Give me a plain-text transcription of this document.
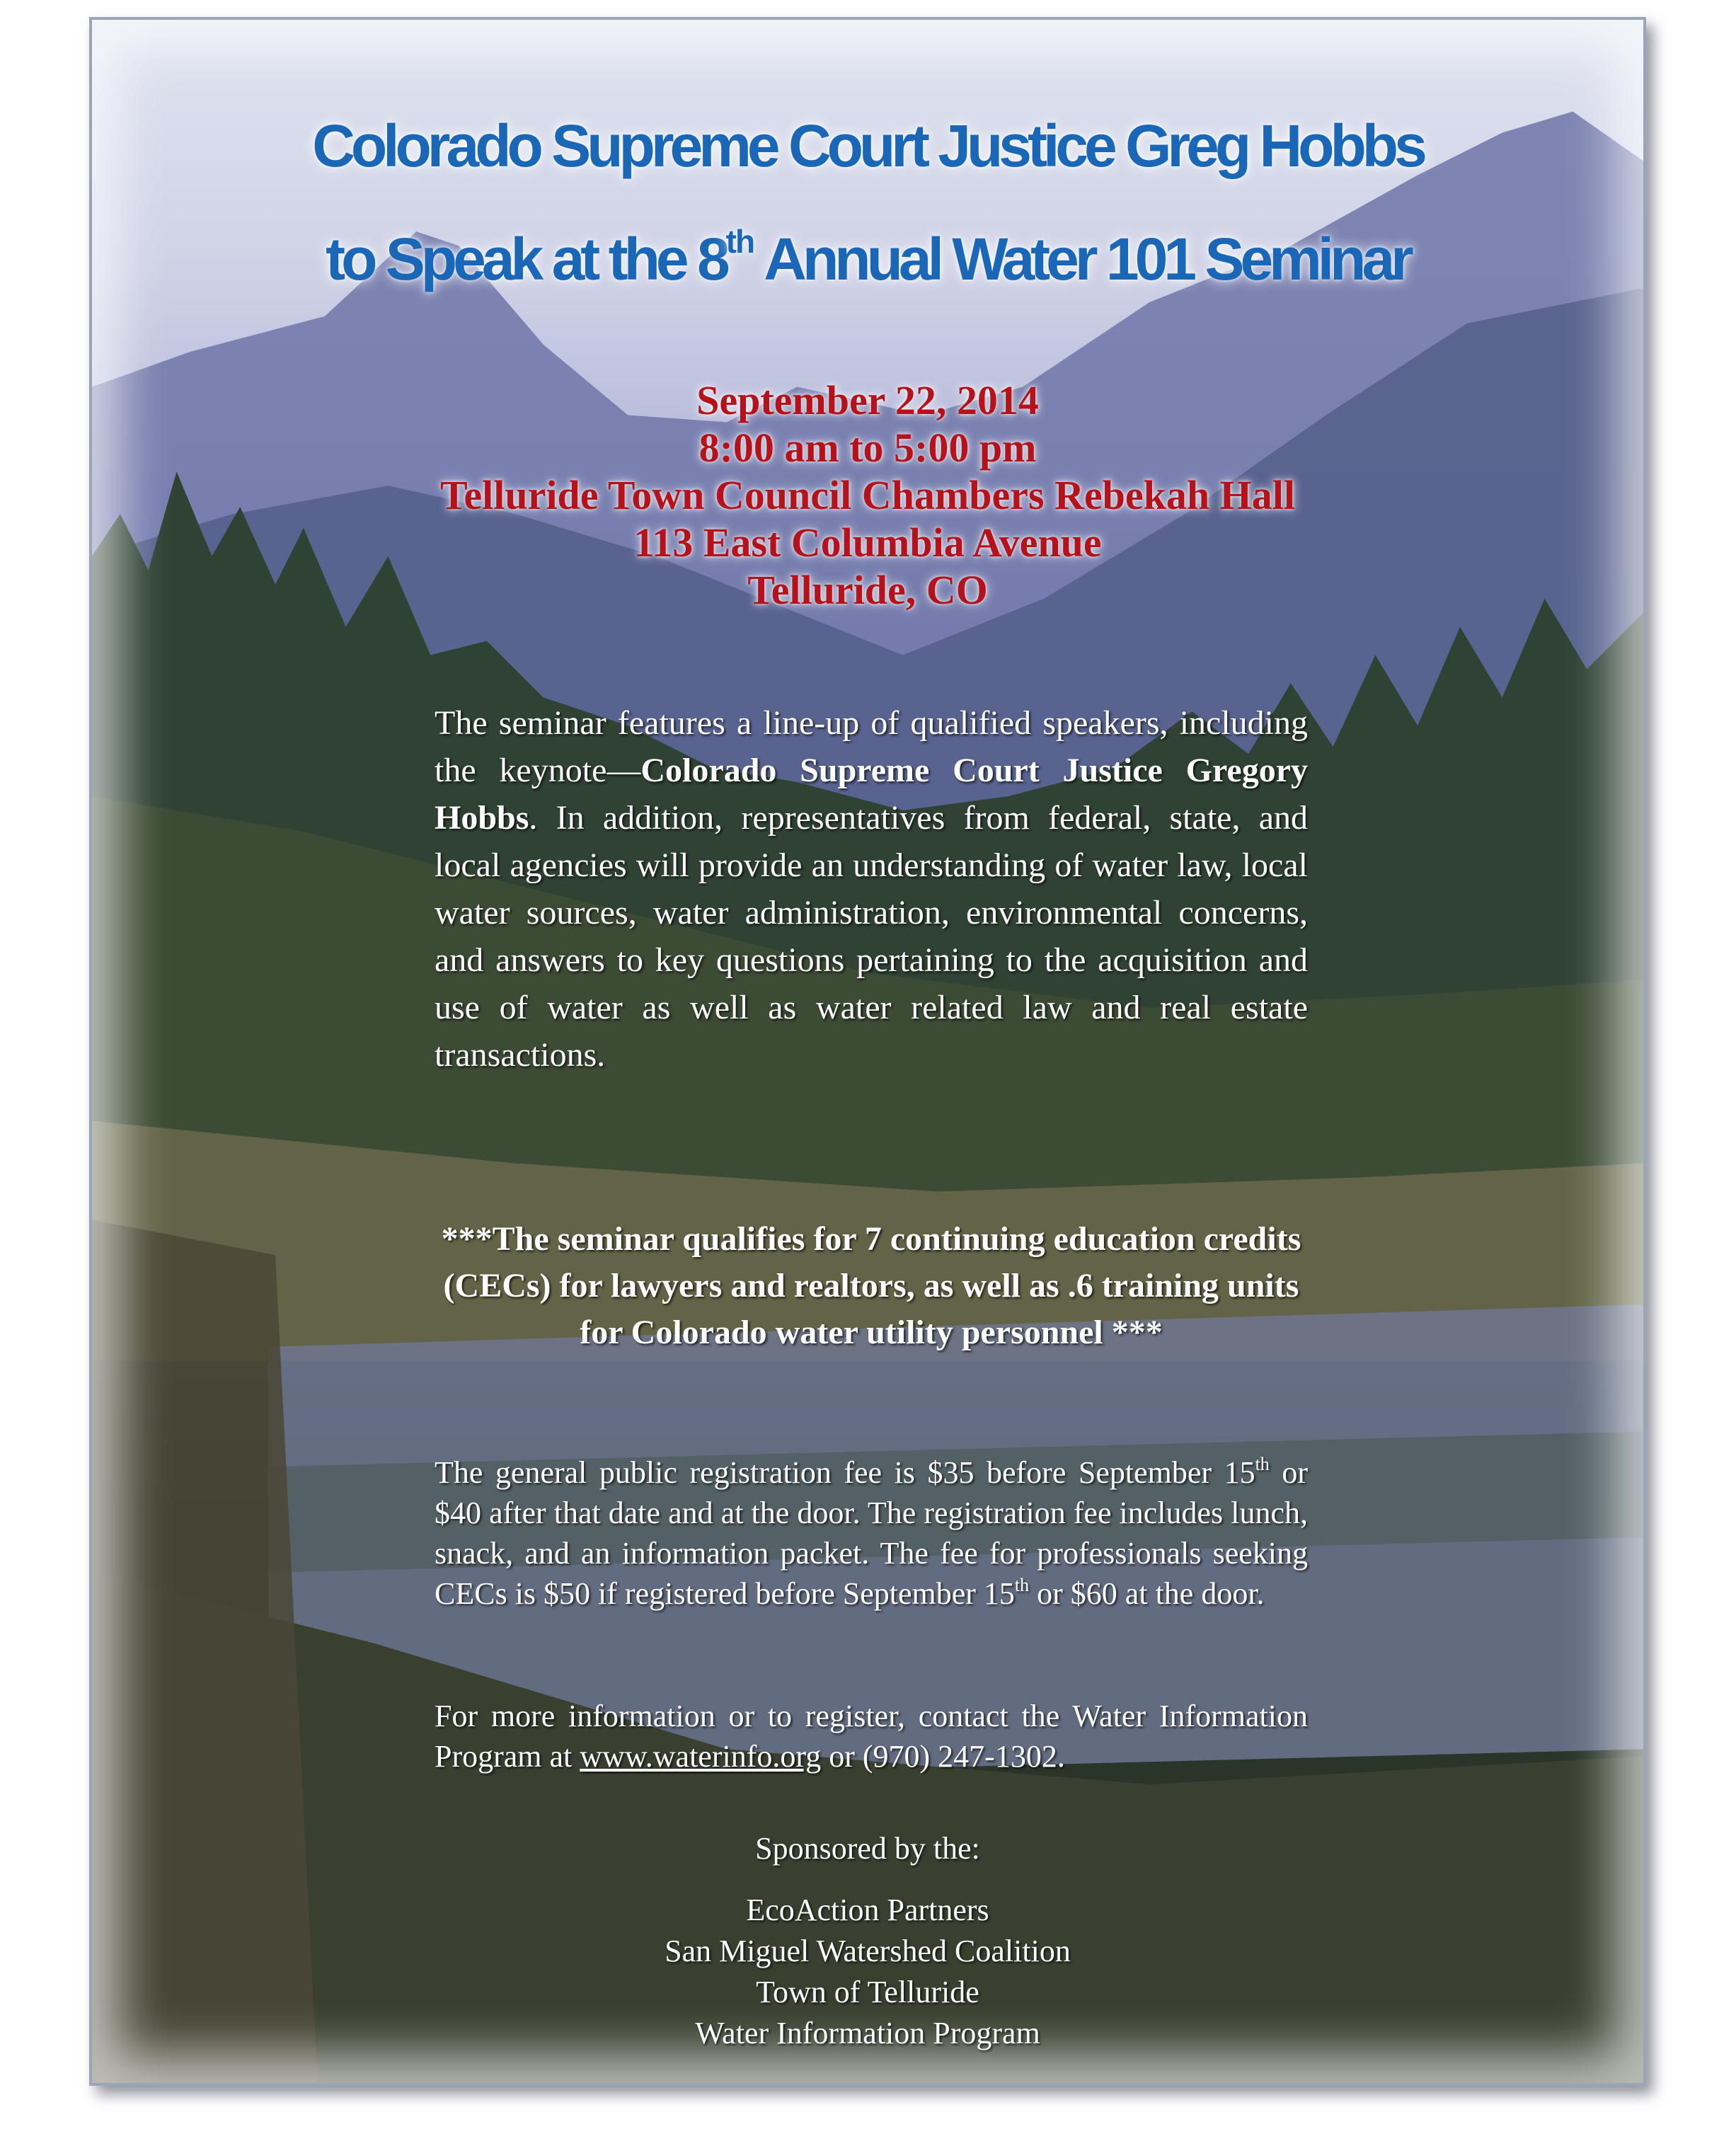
Colorado Supreme Court Justice Greg Hobbs
to Speak at the 8th Annual Water 101 Seminar
September 22, 2014
8:00 am to 5:00 pm
Telluride Town Council Chambers Rebekah Hall
113 East Columbia Avenue
Telluride, CO
The seminar features a line-up of qualified speakers, including the keynote—Colorado Supreme Court Justice Gregory Hobbs. In addition, representatives from federal, state, and local agencies will provide an understanding of water law, local water sources, water administration, environmental concerns, and answers to key questions pertaining to the acquisition and use of water as well as water related law and real estate transactions.
***The seminar qualifies for 7 continuing education credits (CECs) for lawyers and realtors, as well as .6 training units for Colorado water utility personnel ***
The general public registration fee is $35 before September 15th or $40 after that date and at the door. The registration fee includes lunch, snack, and an information packet. The fee for professionals seeking CECs is $50 if registered before September 15th or $60 at the door.
For more information or to register, contact the Water Information Program at www.waterinfo.org or (970) 247-1302.
Sponsored by the:
EcoAction Partners
San Miguel Watershed Coalition
Town of Telluride
Water Information Program
